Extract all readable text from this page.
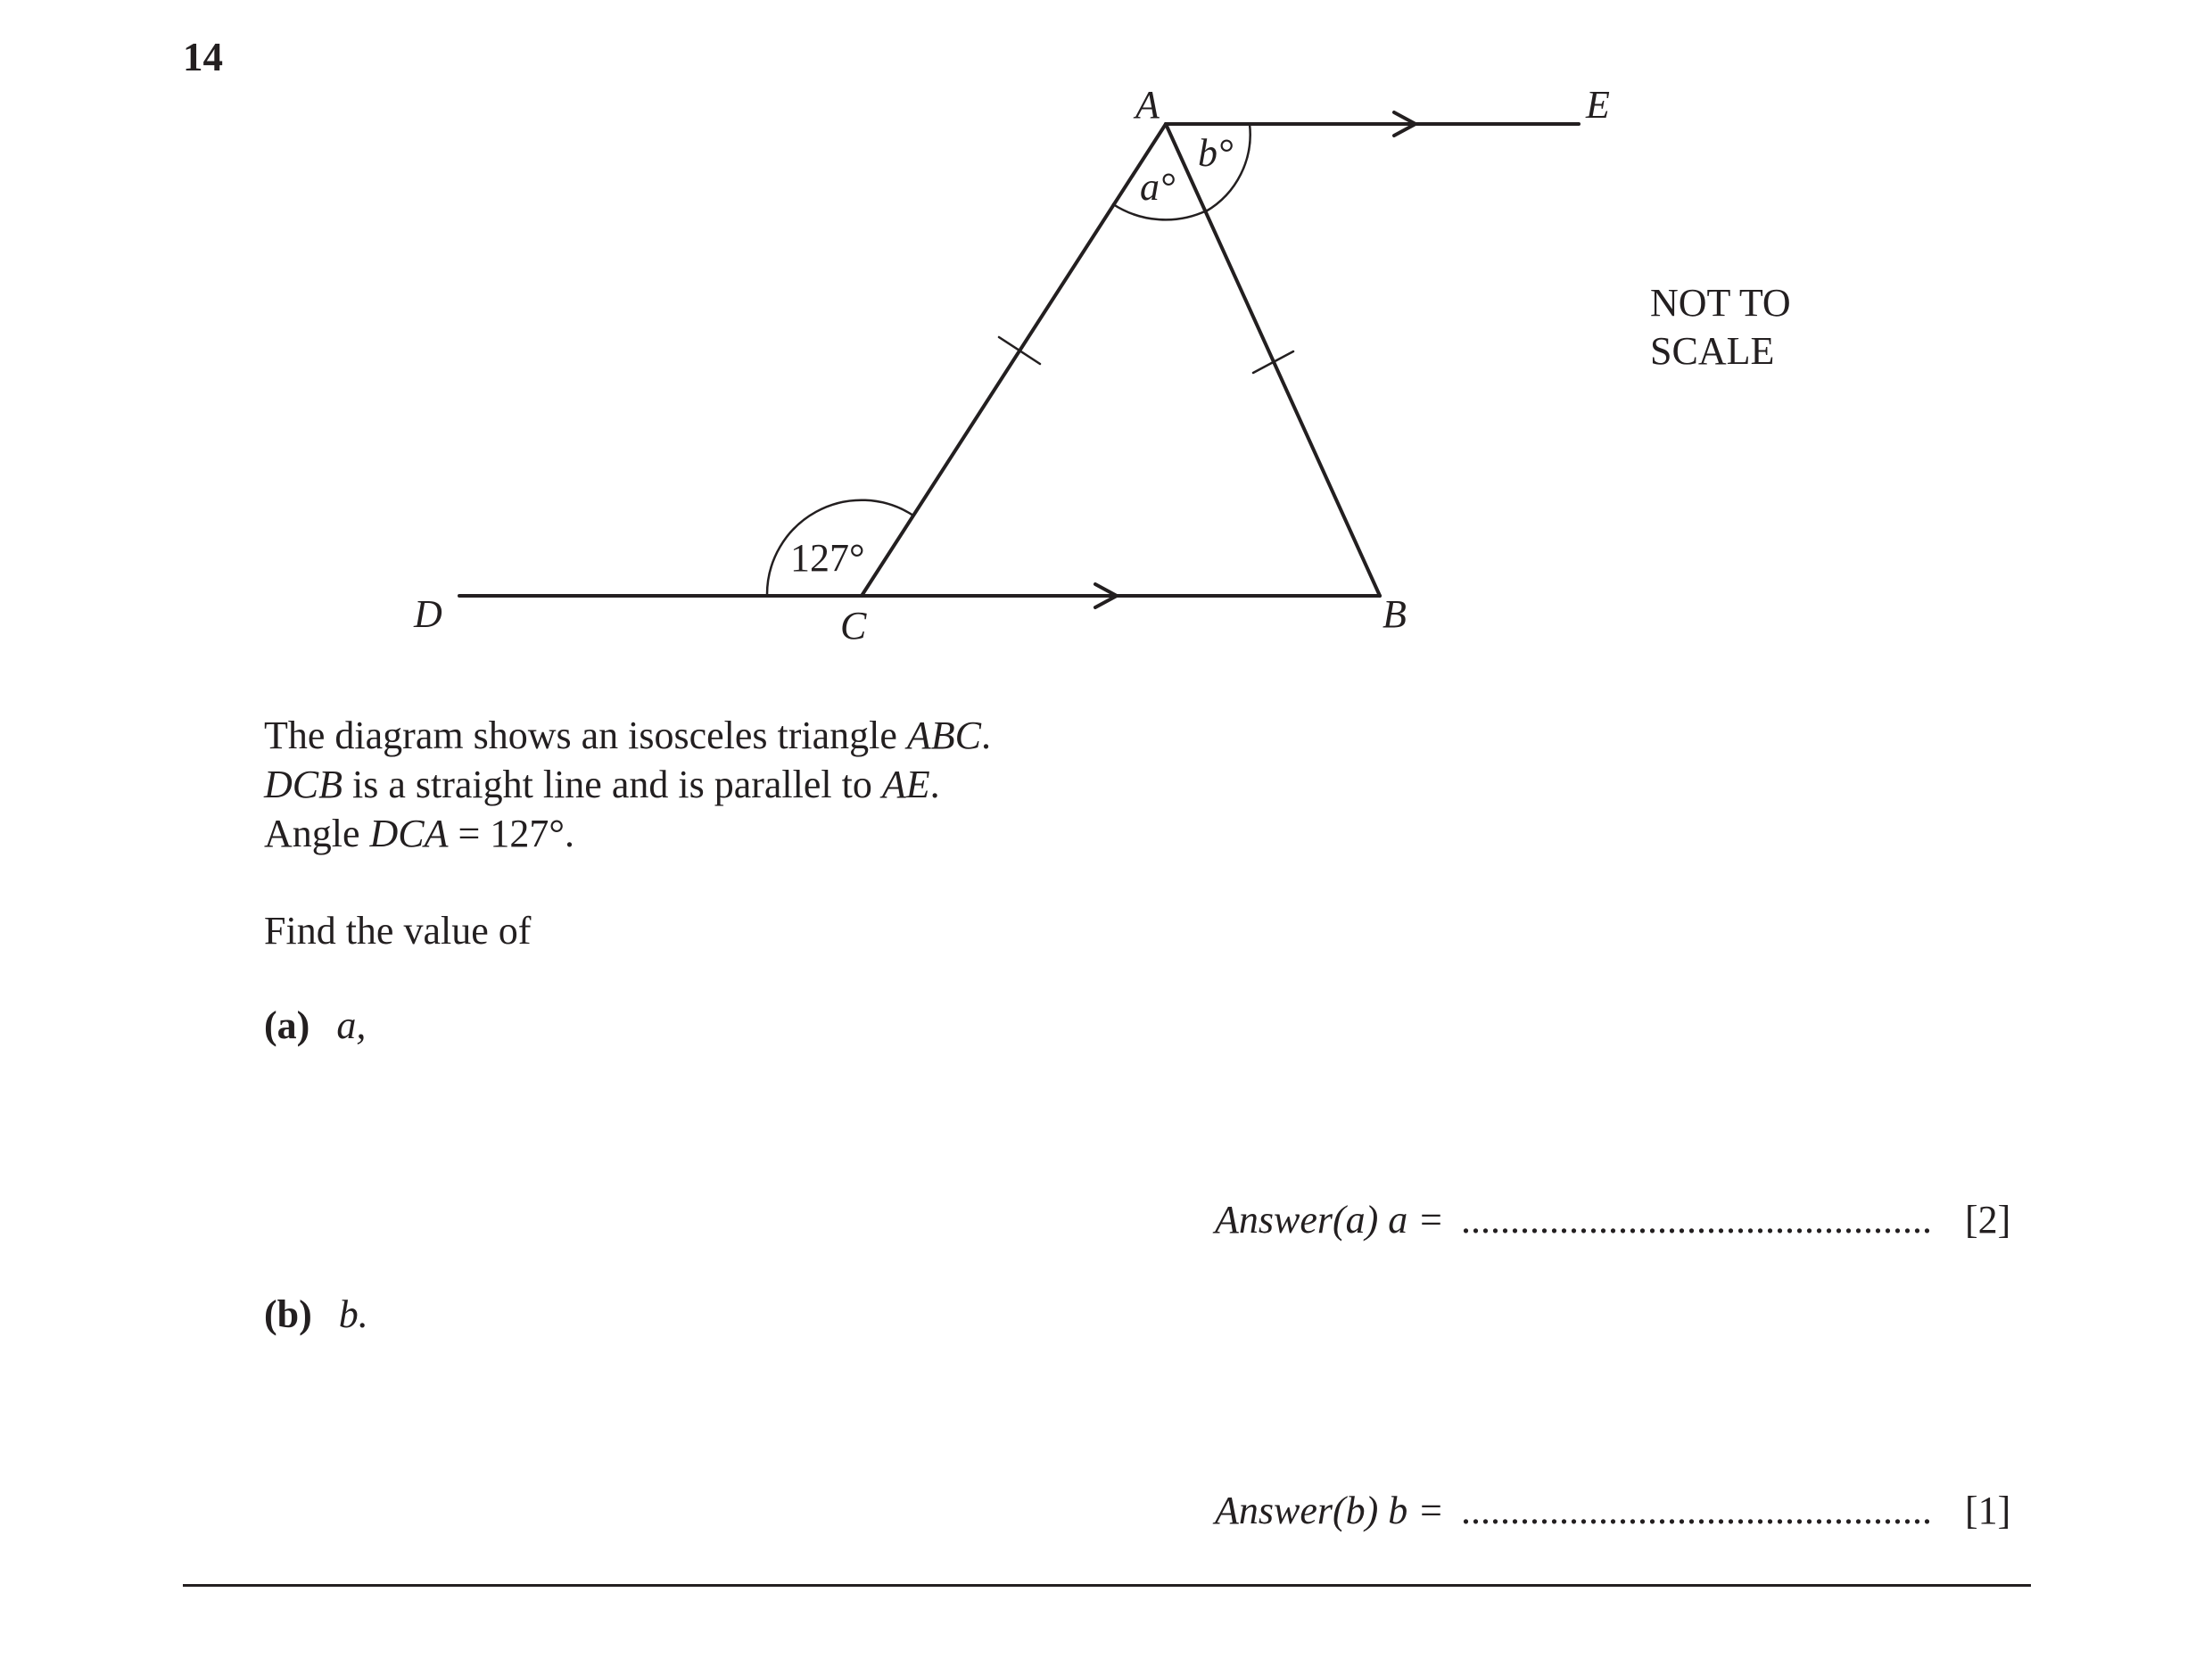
14
A	E
D	C	B
a°
b°
127°
NOT TO
SCALE
The diagram shows an isosceles triangle ABC.
DCB is a straight line and is parallel to AE.
Angle DCA = 127°.
Find the value of
(a) a,
(b) b.
Answer(a) a = ................................................ [2]
Answer(b) b = ................................................ [1]
